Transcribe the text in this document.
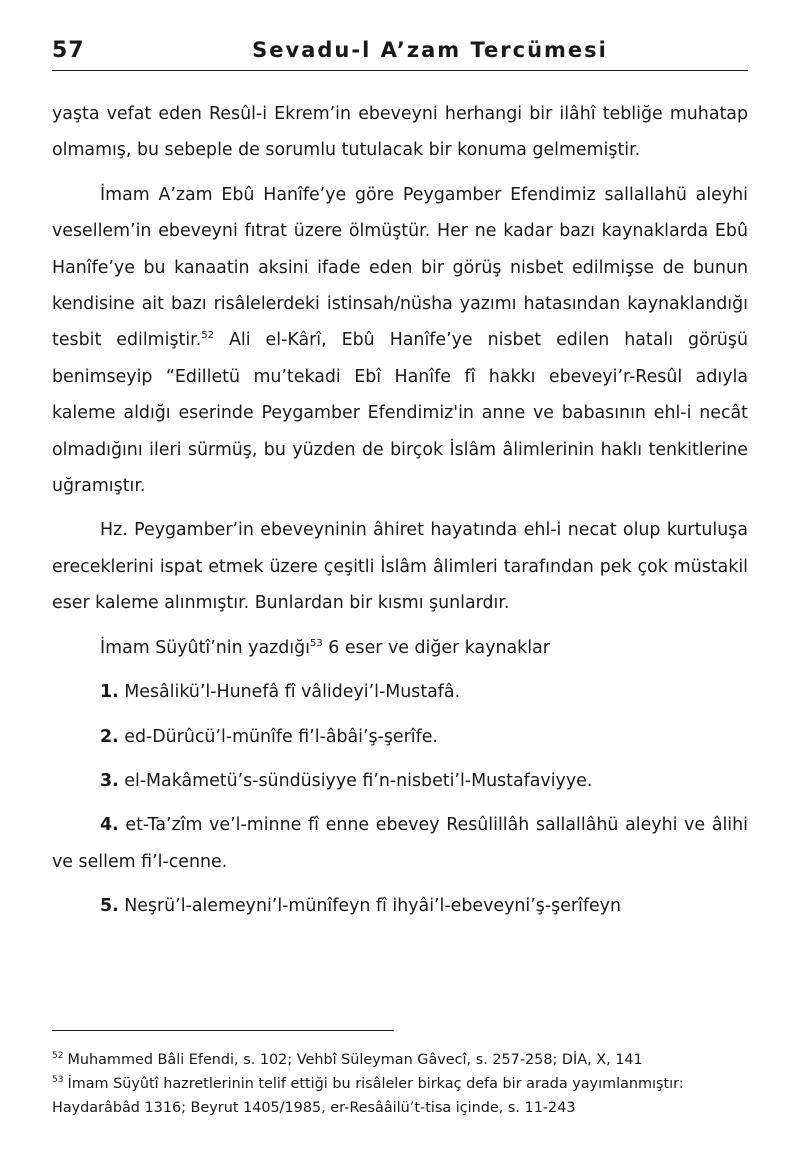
57	Sevadu-l A’zam Tercümesi

yaşta vefat eden Resûl-i Ekrem’in ebeveyni herhangi bir ilâhî tebliğe muhatap olmamış, bu sebeple de sorumlu tutulacak bir konuma gelmemiştir.

İmam A’zam Ebû Hanîfe’ye göre Peygamber Efendimiz sallallahü aleyhi vesellem’in ebeveyni fıtrat üzere ölmüştür. Her ne kadar bazı kaynaklarda Ebû Hanîfe’ye bu kanaatin aksini ifade eden bir görüş nisbet edilmişse de bunun kendisine ait bazı risâlelerdeki istinsah/nüsha yazımı hatasından kaynaklandığı tesbit edilmiştir.$^{52}$ Ali el-Kârî, Ebû Hanîfe’ye nisbet edilen hatalı görüşü benimseyip “Edilletü mu’tekadi Ebî Hanîfe fî hakkı ebeveyi’r-Resûl adıyla kaleme aldığı eserinde Peygamber Efendimiz'in anne ve babasının ehl-i necât olmadığını ileri sürmüş, bu yüzden de birçok İslâm âlimlerinin haklı tenkitlerine uğramıştır.

Hz. Peygamber’in ebeveyninin âhiret hayatında ehl-i necat olup kurtuluşa ereceklerini ispat etmek üzere çeşitli İslâm âlimleri tarafından pek çok müstakil eser kaleme alınmıştır. Bunlardan bir kısmı şunlardır.

İmam Süyûtî’nin yazdığı$^{53}$ 6 eser ve diğer kaynaklar

1. Mesâlikü’l-Hunefâ fî vâlideyi’l-Mustafâ.

2. ed-Dürûcü’l-münîfe fi’l-âbâi’ş-şerîfe.

3. el-Makâmetü’s-sündüsiyye fi’n-nisbeti’l-Mustafaviyye.

4. et-Ta’zîm ve’l-minne fî enne ebevey Resûlillâh sallallâhü aleyhi ve âlihi ve sellem fi’l-cenne.

5. Neşrü’l-alemeyni’l-münîfeyn fî ihyâi’l-ebeveyni’ş-şerîfeyn

$^{52}$ Muhammed Bâli Efendi, s. 102; Vehbî Süleyman Gâvecî, s. 257-258; DİA, X, 141

$^{53}$ İmam Süyûtî hazretlerinin telif ettiği bu risâleler birkaç defa bir arada yayımlanmıştır: Haydarâbâd 1316; Beyrut 1405/1985, er-Resââilü’t-tisa içinde, s. 11-243
